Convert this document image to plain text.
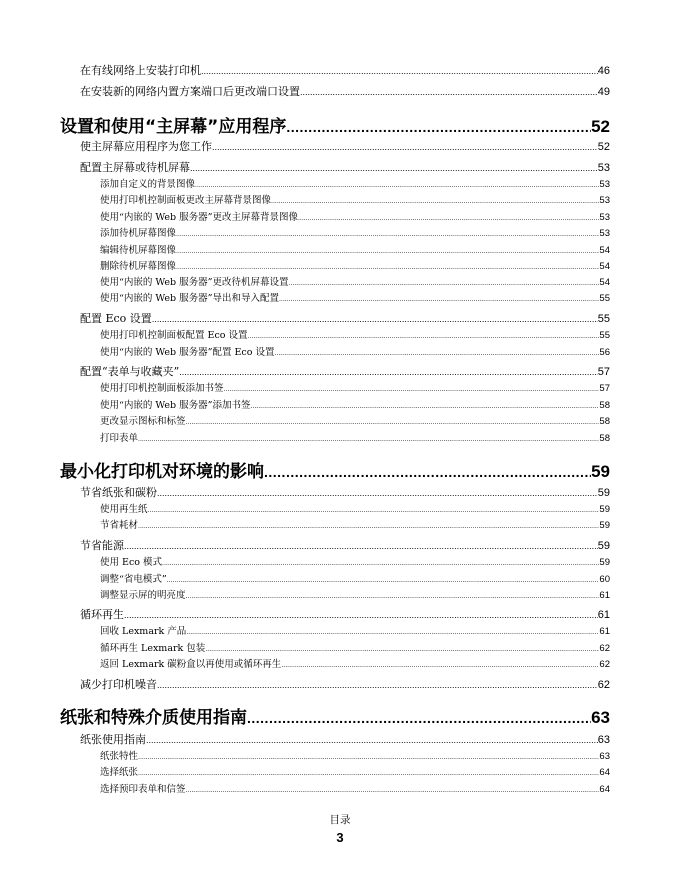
在有线网络上安装打印机 .....	46
在安装新的网络内置方案端口后更改端口设置 .....	49
设置和使用“主屏幕”应用程序 .....	52
使主屏幕应用程序为您工作 .....	52
配置主屏幕或待机屏幕 .....	53
添加自定义的背景图像 .....	53
使用打印机控制面板更改主屏幕背景图像 .....	53
使用“内嵌的 Web 服务器”更改主屏幕背景图像 .....	53
添加待机屏幕图像 .....	53
编辑待机屏幕图像 .....	54
删除待机屏幕图像 .....	54
使用“内嵌的 Web 服务器”更改待机屏幕设置 .....	54
使用“内嵌的 Web 服务器”导出和导入配置 .....	55
配置 Eco 设置 .....	55
使用打印机控制面板配置 Eco 设置 .....	55
使用“内嵌的 Web 服务器”配置 Eco 设置 .....	56
配置“表单与收藏夹” .....	57
使用打印机控制面板添加书签 .....	57
使用“内嵌的 Web 服务器”添加书签 .....	58
更改显示图标和标签 .....	58
打印表单 .....	58
最小化打印机对环境的影响 .....	59
节省纸张和碳粉 .....	59
使用再生纸 .....	59
节省耗材 .....	59
节省能源 .....	59
使用 Eco 模式 .....	59
调整“省电模式” .....	60
调整显示屏的明亮度 .....	61
循环再生 .....	61
回收 Lexmark 产品 .....	61
循环再生 Lexmark 包装 .....	62
返回 Lexmark 碳粉盒以再使用或循环再生 .....	62
减少打印机噪音 .....	62
纸张和特殊介质使用指南 .....	63
纸张使用指南 .....	63
纸张特性 .....	63
选择纸张 .....	64
选择预印表单和信签 .....	64
目录
3
